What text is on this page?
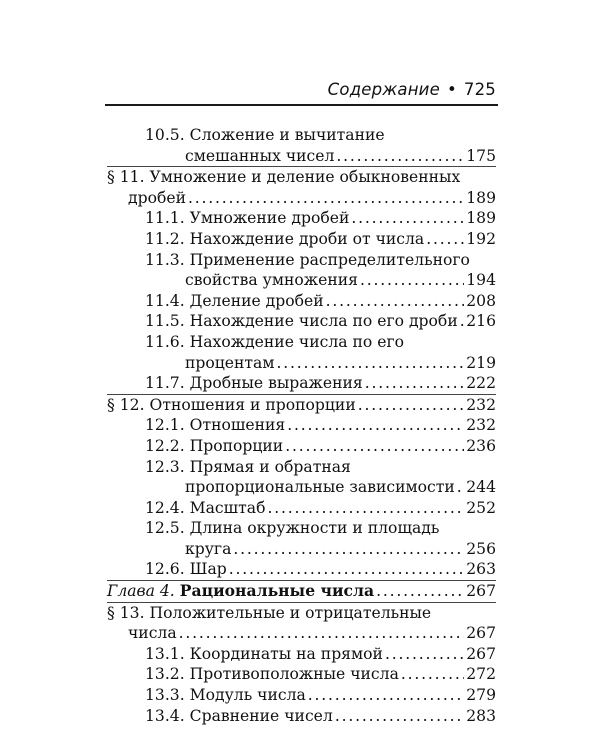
Содержание • 725
10.5. Сложение и вычитание
смешанных чисел .....	175
§ 11. Умножение и деление обыкновенных
дробей .....	189
11.1. Умножение дробей .....	189
11.2. Нахождение дроби от числа .....	192
11.3. Применение распределительного
свойства умножения .....	194
11.4. Деление дробей .....	208
11.5. Нахождение числа по его дроби ..... 216
11.6. Нахождение числа по его
процентам .....	219
11.7. Дробные выражения .....	222
§ 12. Отношения и пропорции .....	232
12.1. Отношения .....	232
12.2. Пропорции .....	236
12.3. Прямая и обратная
пропорциональные зависимости ..... 244
12.4. Масштаб .....	252
12.5. Длина окружности и площадь
круга .....	256
12.6. Шар .....	263
Глава 4. Рациональные числа .....	267
§ 13. Положительные и отрицательные
числа .....	267
13.1. Координаты на прямой .....	267
13.2. Противоположные числа .....	272
13.3. Модуль числа .....	279
13.4. Сравнение чисел .....	283
